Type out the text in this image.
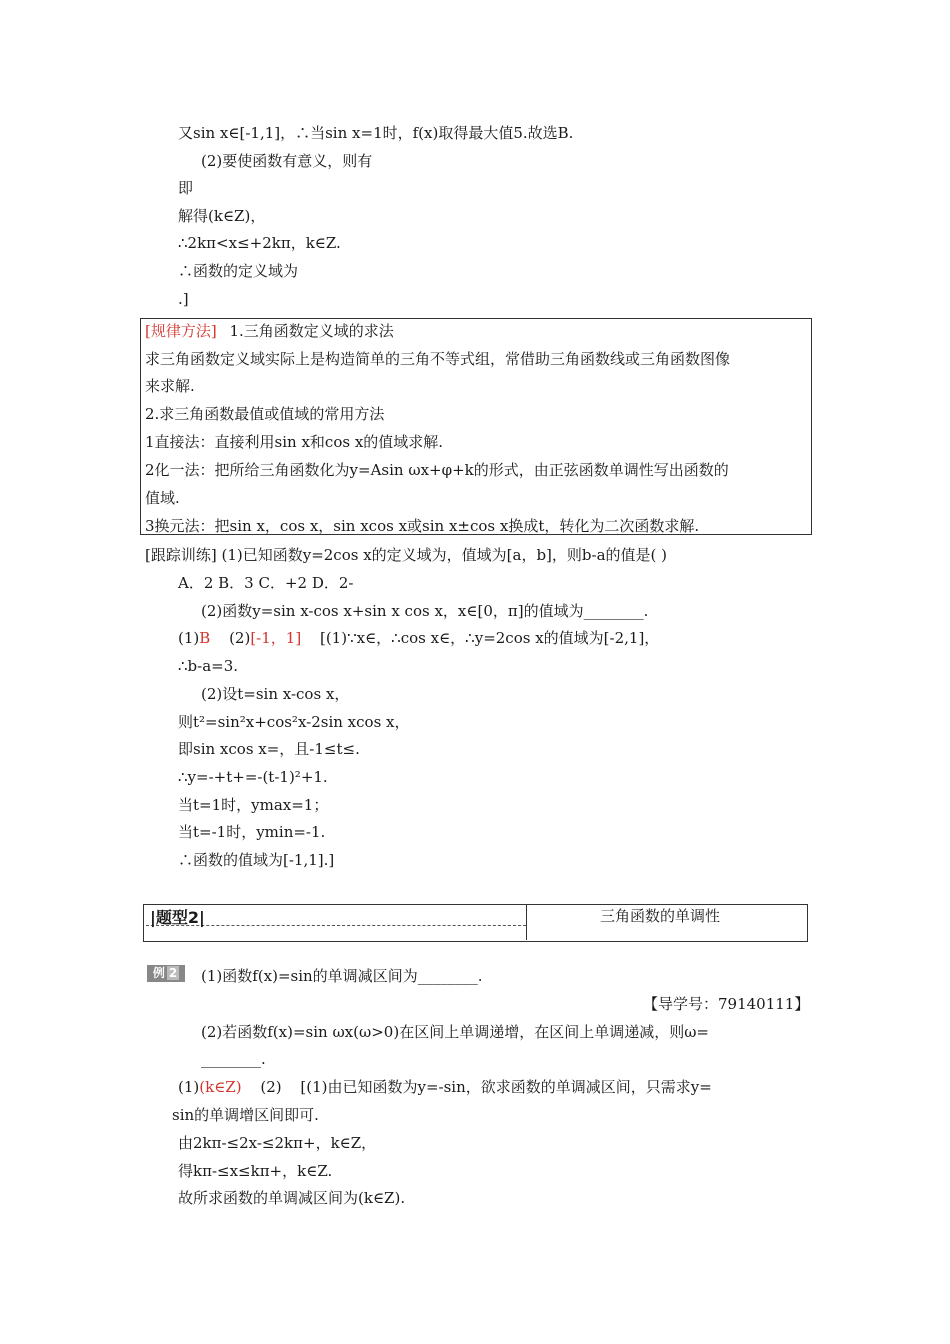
又sin x∈[-1,1]，∴当sin x=1时，f(x)取得最大值5.故选B.
(2)要使函数有意义，则有
即
解得(k∈Z)，
∴2kπ<x≤+2kπ，k∈Z.
∴函数的定义域为
.]
[规律方法] 1.三角函数定义域的求法
求三角函数定义域实际上是构造简单的三角不等式组，常借助三角函数线或三角函数图像
来求解.
2.求三角函数最值或值域的常用方法
1直接法：直接利用sin x和cos x的值域求解.
2化一法：把所给三角函数化为y=Asin ωx+φ+k的形式，由正弦函数单调性写出函数的
值域.
3换元法：把sin x，cos x，sin xcos x或sin x±cos x换成t，转化为二次函数求解.
[跟踪训练] (1)已知函数y=2cos x的定义域为，值域为[a，b]，则b-a的值是( )
A．2 B．3 C．+2 D．2-
(2)函数y=sin x-cos x+sin x cos x，x∈[0，π]的值域为________.
(1)B (2)[-1，1] [(1)∵x∈，∴cos x∈，∴y=2cos x的值域为[-2,1]，
∴b-a=3.
(2)设t=sin x-cos x，
则t²=sin²x+cos²x-2sin xcos x，
即sin xcos x=，且-1≤t≤.
∴y=-+t+=-(t-1)²+1.
当t=1时，ymax=1；
当t=-1时，ymin=-1.
∴函数的值域为[-1,1].]
|题型2|	三角函数的单调性
例 2	(1)函数f(x)=sin的单调减区间为________.
【导学号：79140111】
(2)若函数f(x)=sin ωx(ω>0)在区间上单调递增，在区间上单调递减，则ω=
________.
(1)(k∈Z) (2) [(1)由已知函数为y=-sin，欲求函数的单调减区间，只需求y=
sin的单调增区间即可.
由2kπ-≤2x-≤2kπ+，k∈Z，
得kπ-≤x≤kπ+，k∈Z.
故所求函数的单调减区间为(k∈Z).
